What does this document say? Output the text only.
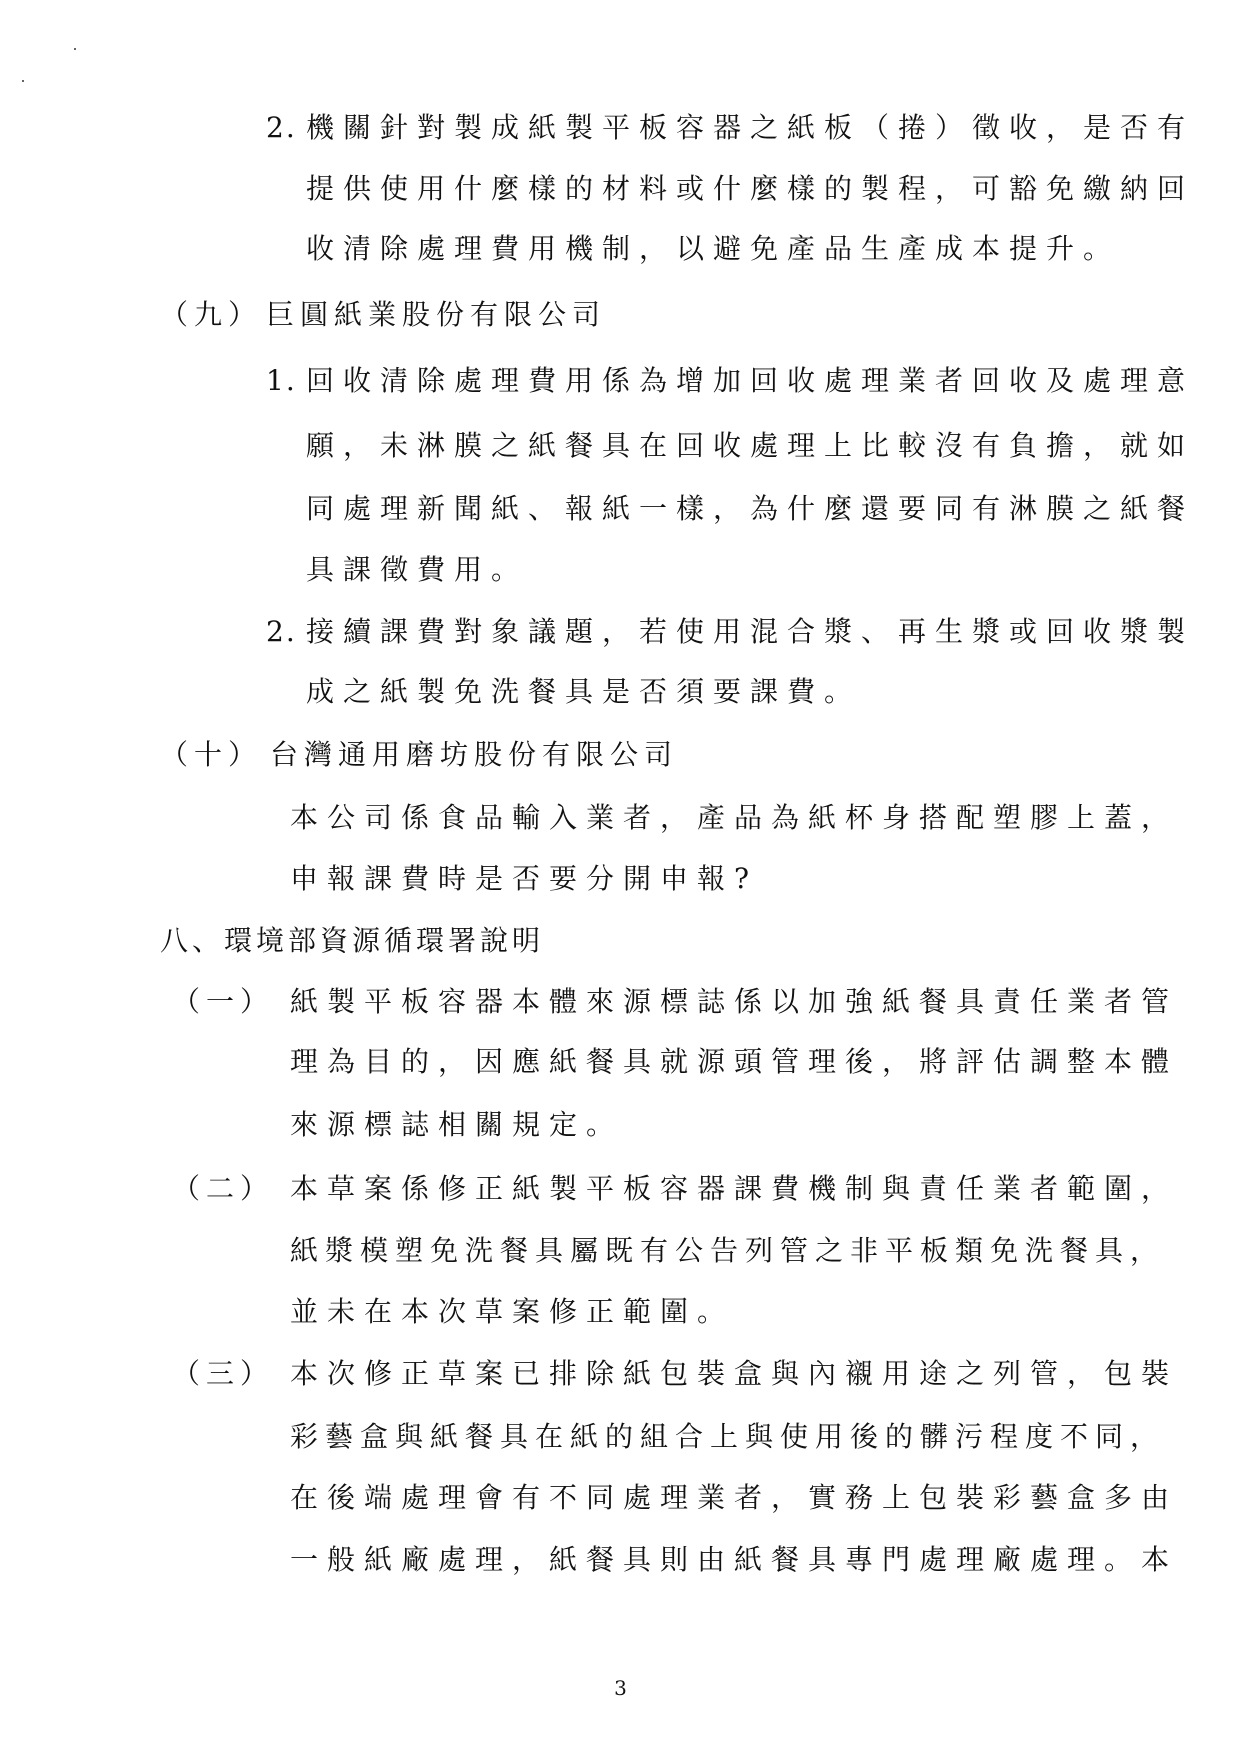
2. 機關針對製成紙製平板容器之紙板（捲）徵收，是否有

提供使用什麼樣的材料或什麼樣的製程，可豁免繳納回

收清除處理費用機制，以避免產品生產成本提升。

（九） 巨圓紙業股份有限公司

1. 回收清除處理費用係為增加回收處理業者回收及處理意

願，未淋膜之紙餐具在回收處理上比較沒有負擔，就如

同處理新聞紙、報紙一樣，為什麼還要同有淋膜之紙餐

具課徵費用。

2. 接續課費對象議題，若使用混合漿、再生漿或回收漿製

成之紙製免洗餐具是否須要課費。

（十） 台灣通用磨坊股份有限公司

本公司係食品輸入業者，產品為紙杯身搭配塑膠上蓋，

申報課費時是否要分開申報?

八、環境部資源循環署說明

（一） 紙製平板容器本體來源標誌係以加強紙餐具責任業者管

理為目的，因應紙餐具就源頭管理後，將評估調整本體

來源標誌相關規定。

（二） 本草案係修正紙製平板容器課費機制與責任業者範圍，

紙漿模塑免洗餐具屬既有公告列管之非平板類免洗餐具，

並未在本次草案修正範圍。

（三） 本次修正草案已排除紙包裝盒與內襯用途之列管，包裝

彩藝盒與紙餐具在紙的組合上與使用後的髒污程度不同，

在後端處理會有不同處理業者，實務上包裝彩藝盒多由

一般紙廠處理，紙餐具則由紙餐具專門處理廠處理。本

3
